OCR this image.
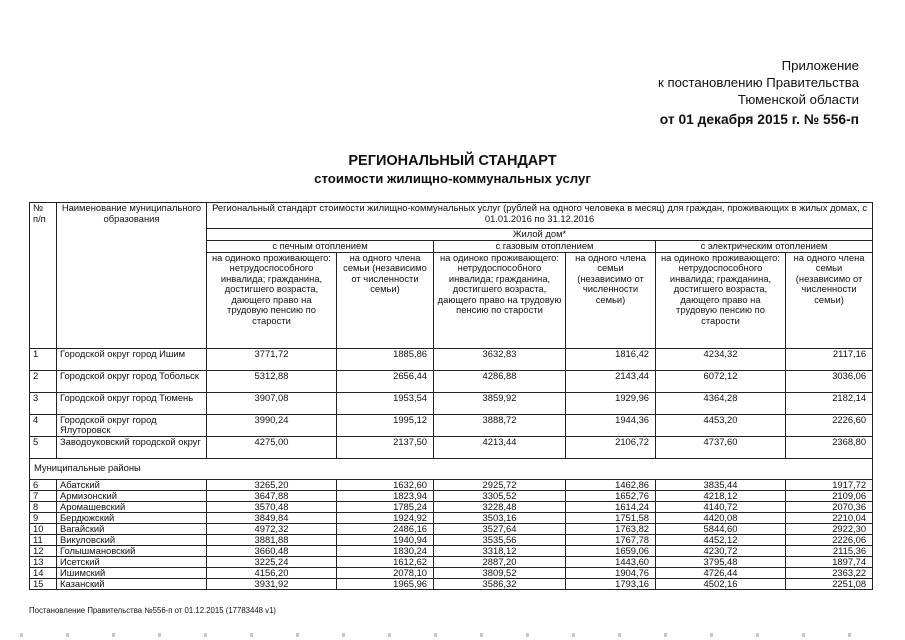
Приложение
к постановлению Правительства
Тюменской области
от 01 декабря 2015 г. № 556-п
РЕГИОНАЛЬНЫЙ СТАНДАРТ
стоимости жилищно-коммунальных услуг
№ п/п	Наименование муниципального образования	Региональный стандарт стоимости жилищно-коммунальных услуг (рублей на одного человека в месяц) для граждан, проживающих в жилых домах, с 01.01.2016 по 31.12.2016					
		Жилой дом*					
		с печным отоплением		с газовым отоплением		с электрическим отоплением	
		на одиноко проживающего: нетрудоспособного инвалида; гражданина, достигшего возраста, дающего право на трудовую пенсию по старости	на одного члена семьи (независимо от численности семьи)	на одиноко проживающего: нетрудоспособного инвалида; гражданина, достигшего возраста, дающего право на трудовую пенсию по старости	на одного члена семьи (независимо от численности семьи)	на одиноко проживающего: нетрудоспособного инвалида; гражданина, достигшего возраста, дающего право на трудовую пенсию по старости	на одного члена семьи (независимо от численности семьи)
1	Городской округ город Ишим	3771,72	1885,86	3632,83	1816,42	4234,32	2117,16
2	Городской округ город Тобольск	5312,88	2656,44	4286,88	2143,44	6072,12	3036,06
3	Городской округ город Тюмень	3907,08	1953,54	3859,92	1929,96	4364,28	2182,14
4	Городской округ город Ялуторовск	3990,24	1995,12	3888,72	1944,36	4453,20	2226,60
5	Заводоуковский городской округ	4275,00	2137,50	4213,44	2106,72	4737,60	2368,80
Муниципальные районы							
6	Абатский	3265,20	1632,60	2925,72	1462,86	3835,44	1917,72
7	Армизонский	3647,88	1823,94	3305,52	1652,76	4218,12	2109,06
8	Аромашевский	3570,48	1785,24	3228,48	1614,24	4140,72	2070,36
9	Бердюжский	3849,84	1924,92	3503,16	1751,58	4420,08	2210,04
10	Вагайский	4972,32	2486,16	3527,64	1763,82	5844,60	2922,30
11	Викуловский	3881,88	1940,94	3535,56	1767,78	4452,12	2226,06
12	Голышмановский	3660,48	1830,24	3318,12	1659,06	4230,72	2115,36
13	Исетский	3225,24	1612,62	2887,20	1443,60	3795,48	1897,74
14	Ишимский	4156,20	2078,10	3809,52	1904,76	4726,44	2363,22
15	Казанский	3931,92	1965,96	3586,32	1793,16	4502,16	2251,08
Постановление Правительства №556-п от 01.12.2015 (17783448 v1)
